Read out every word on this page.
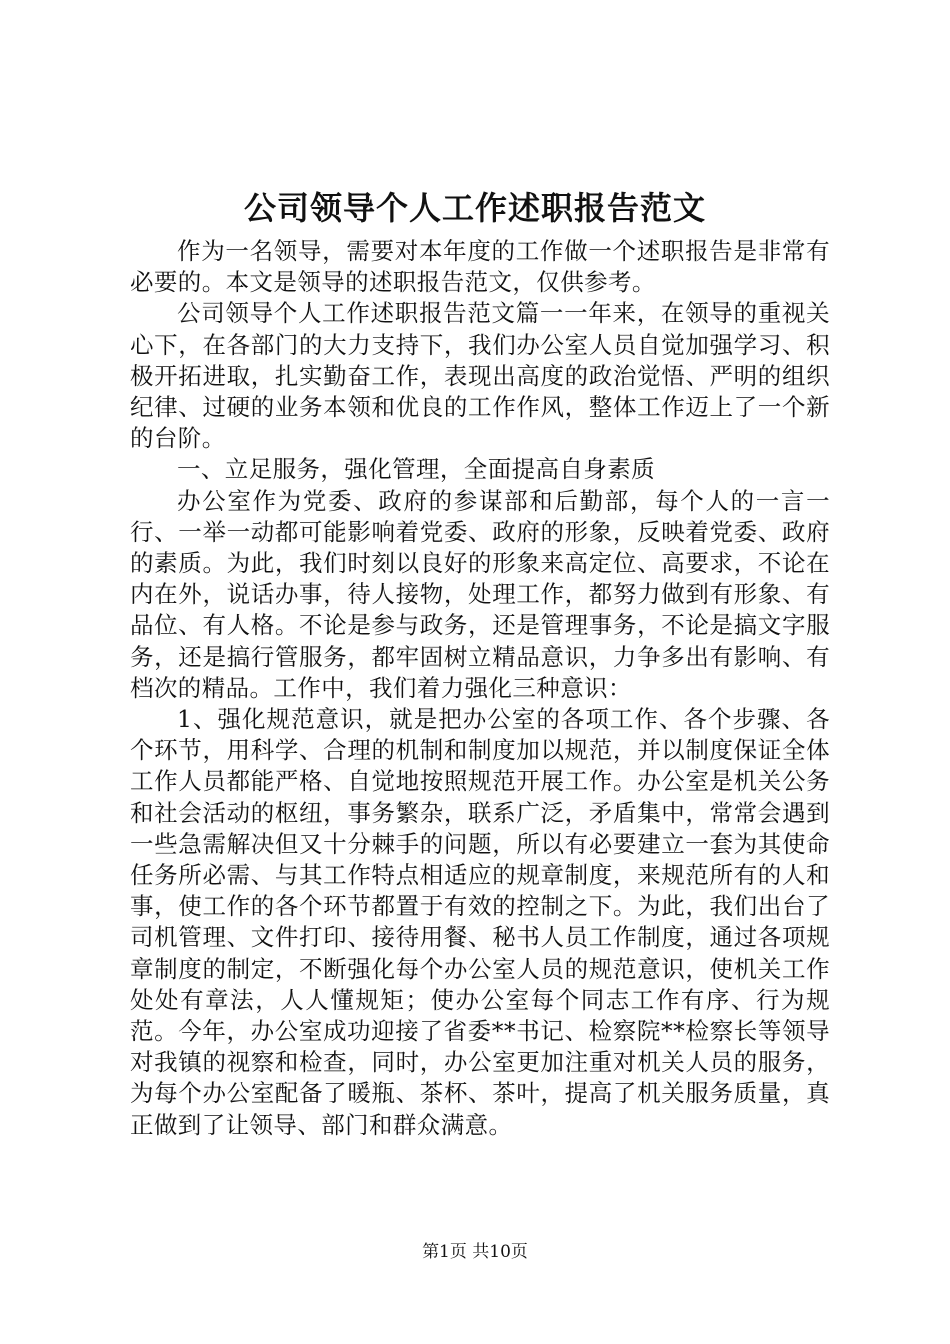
公司领导个人工作述职报告范文

作为一名领导，需要对本年度的工作做一个述职报告是非常有必要的。本文是领导的述职报告范文，仅供参考。

公司领导个人工作述职报告范文篇一一年来，在领导的重视关心下，在各部门的大力支持下，我们办公室人员自觉加强学习、积极开拓进取，扎实勤奋工作，表现出高度的政治觉悟、严明的组织纪律、过硬的业务本领和优良的工作作风，整体工作迈上了一个新的台阶。

一、立足服务，强化管理，全面提高自身素质

办公室作为党委、政府的参谋部和后勤部，每个人的一言一行、一举一动都可能影响着党委、政府的形象，反映着党委、政府的素质。为此，我们时刻以良好的形象来高定位、高要求，不论在内在外，说话办事，待人接物，处理工作，都努力做到有形象、有品位、有人格。不论是参与政务，还是管理事务，不论是搞文字服务，还是搞行管服务，都牢固树立精品意识，力争多出有影响、有档次的精品。工作中，我们着力强化三种意识：

1、强化规范意识，就是把办公室的各项工作、各个步骤、各个环节，用科学、合理的机制和制度加以规范，并以制度保证全体工作人员都能严格、自觉地按照规范开展工作。办公室是机关公务和社会活动的枢纽，事务繁杂，联系广泛，矛盾集中，常常会遇到一些急需解决但又十分棘手的问题，所以有必要建立一套为其使命任务所必需、与其工作特点相适应的规章制度，来规范所有的人和事，使工作的各个环节都置于有效的控制之下。为此，我们出台了司机管理、文件打印、接待用餐、秘书人员工作制度，通过各项规章制度的制定，不断强化每个办公室人员的规范意识，使机关工作处处有章法，人人懂规矩；使办公室每个同志工作有序、行为规范。今年，办公室成功迎接了省委**书记、检察院**检察长等领导对我镇的视察和检查，同时，办公室更加注重对机关人员的服务，为每个办公室配备了暖瓶、茶杯、茶叶，提高了机关服务质量，真正做到了让领导、部门和群众满意。

第1页 共10页
